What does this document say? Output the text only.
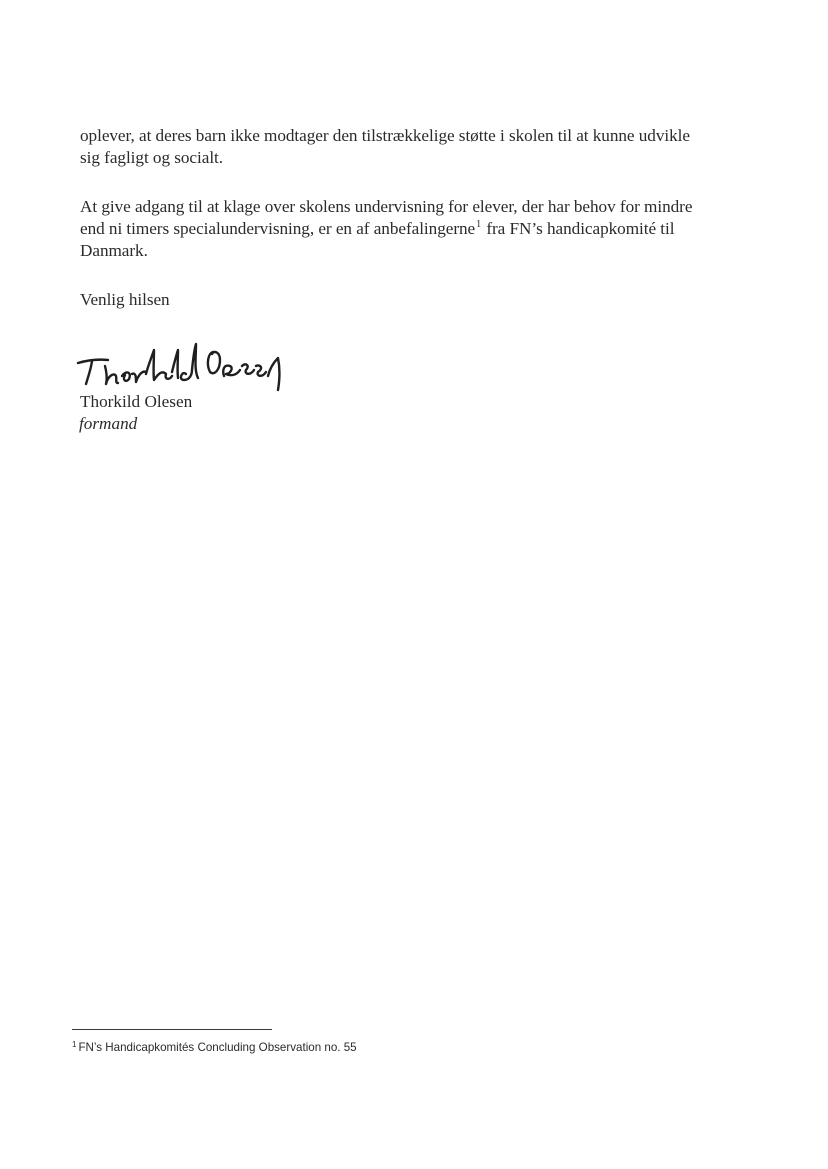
oplever, at deres barn ikke modtager den tilstrækkelige støtte i skolen til at kunne udvikle
sig fagligt og socialt.
At give adgang til at klage over skolens undervisning for elever, der har behov for mindre
end ni timers specialundervisning, er en af anbefalingerne$^1$ fra FN’s handicapkomité til
Danmark.
Venlig hilsen
Thorkild Olesen
formand
$^1$ FN’s Handicapkomités Concluding Observation no. 55
